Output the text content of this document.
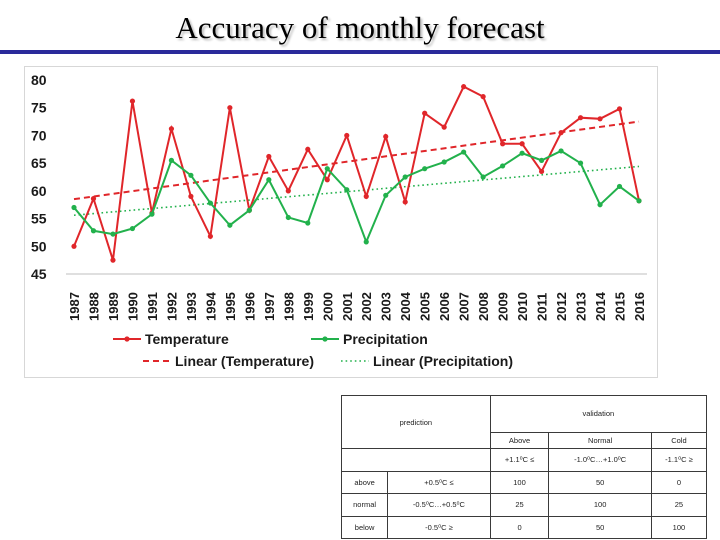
Accuracy of monthly forecast
80
75
70
65
60
55
50
45
1987 1988 1989 1990 1991 1992 1993 1994 1995 1996 1997 1998 1999 2000 2001 2002 2003 2004 2005 2006 2007 2008 2009 2010 2011 2012 2013 2014 2015 2016
Temperature	Precipitation
Linear (Temperature)	Linear (Precipitation)
prediction		validation		
		Above	Normal	Cold
		+1.1⁰C ≤	-1.0⁰C…+1.0⁰C	-1.1⁰C ≥
above	+0.5⁰C ≤	100	50	0
normal	-0.5⁰C…+0.5⁰C	25	100	25
below	-0.5⁰C ≥	0	50	100
